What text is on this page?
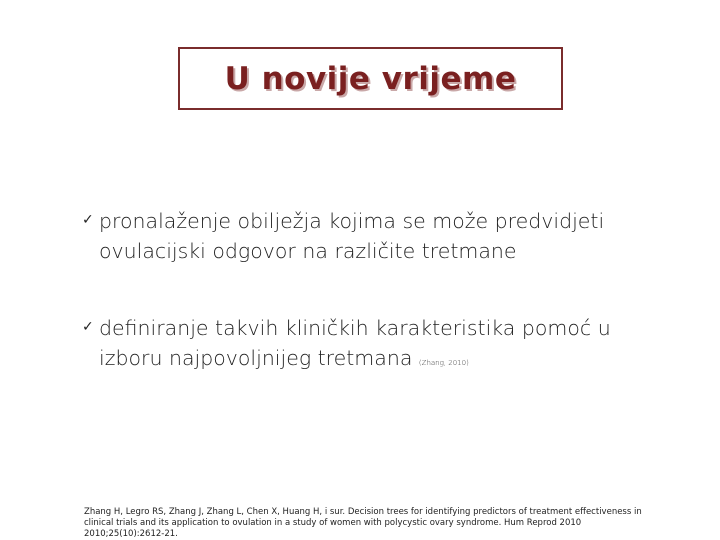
U novije vrijeme
✓ pronalaženje obilježja kojima se može predvidjeti ovulacijski odgovor na različite tretmane
✓ definiranje takvih kliničkih karakteristika pomoć u izboru najpovoljnijeg tretmana (Zhang, 2010)
Zhang H, Legro RS, Zhang J, Zhang L, Chen X, Huang H, i sur. Decision trees for identifying predictors of treatment effectiveness in clinical trials and its application to ovulation in a study of women with polycystic ovary syndrome. Hum Reprod 2010 2010;25(10):2612-21.
